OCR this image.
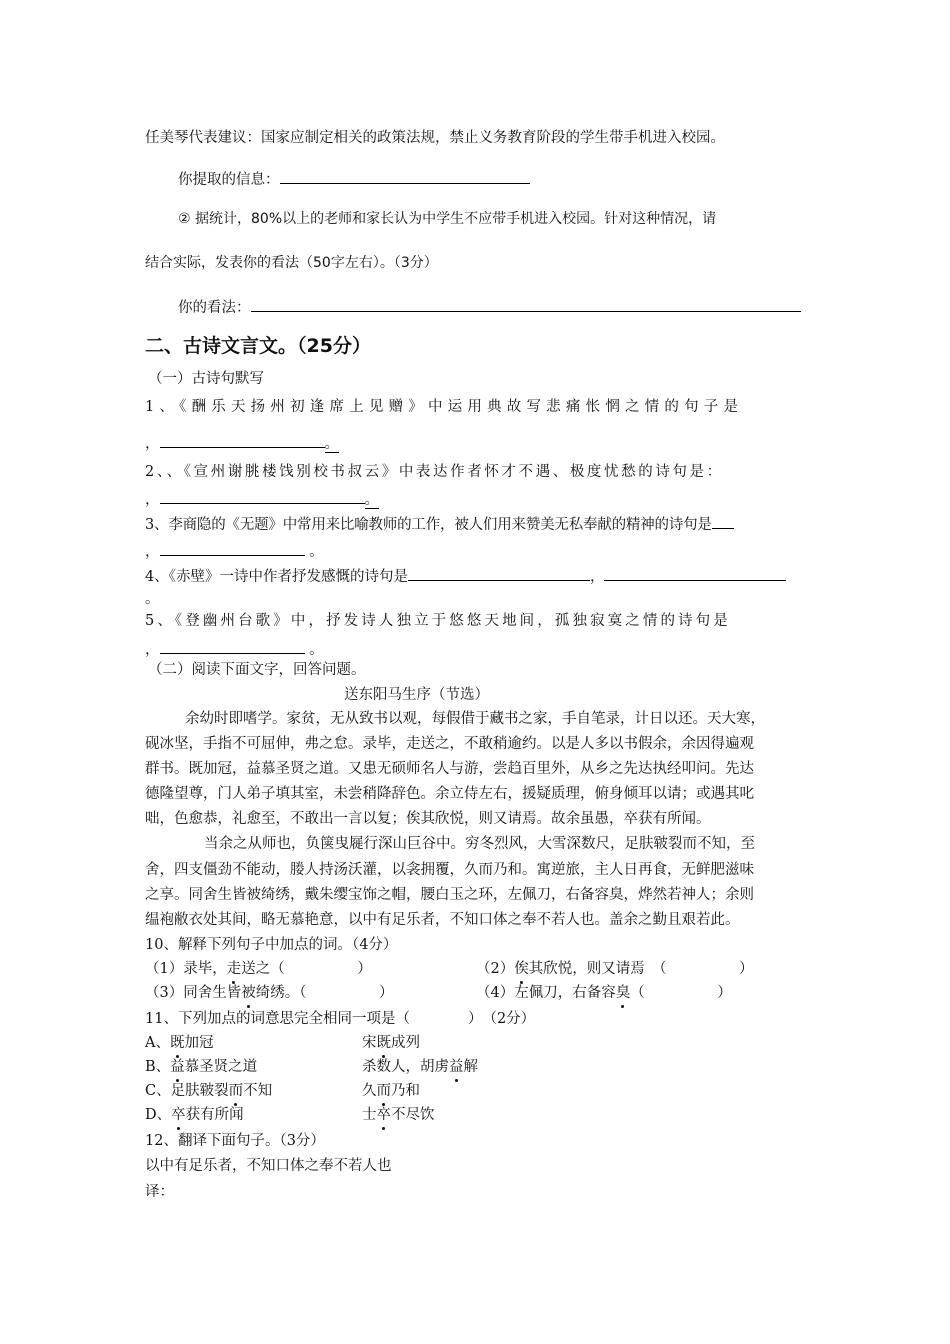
任美琴代表建议：国家应制定相关的政策法规，禁止义务教育阶段的学生带手机进入校园。
你提取的信息：
② 据统计，80%以上的老师和家长认为中学生不应带手机进入校园。针对这种情况，请
结合实际，发表你的看法（50字左右）。（3分）
你的看法：
二、古诗文言文。（25分）
（一）古诗句默写
1、《酬乐天扬州初逢席上见赠》中运用典故写悲痛怅惘之情的句子是
，	。
2、、《宣州谢朓楼饯别校书叔云》中表达作者怀才不遇、极度忧愁的诗句是：
，	。
3、李商隐的《无题》中常用来比喻教师的工作，被人们用来赞美无私奉献的精神的诗句是
，	。
4、《赤壁》一诗中作者抒发感慨的诗句是	，
。
5、《登幽州台歌》中，抒发诗人独立于悠悠天地间，孤独寂寞之情的诗句是
，	。
（二）阅读下面文字，回答问题。
送东阳马生序（节选）
余幼时即嗜学。家贫，无从致书以观，每假借于藏书之家，手自笔录，计日以还。天大寒，
砚冰坚，手指不可屈伸，弗之怠。录毕，走送之，不敢稍逾约。以是人多以书假余，余因得遍观
群书。既加冠，益慕圣贤之道。又患无硕师名人与游，尝趋百里外，从乡之先达执经叩问。先达
德隆望尊，门人弟子填其室，未尝稍降辞色。余立侍左右，援疑质理，俯身倾耳以请；或遇其叱
咄，色愈恭，礼愈至，不敢出一言以复；俟其欣悦，则又请焉。故余虽愚，卒获有所闻。
当余之从师也，负箧曳屣行深山巨谷中。穷冬烈风，大雪深数尺，足肤皲裂而不知，至
舍，四支僵劲不能动，媵人持汤沃灌，以衾拥覆，久而乃和。寓逆旅，主人日再食，无鲜肥滋味
之享。同舍生皆被绮绣，戴朱缨宝饰之帽，腰白玉之环，左佩刀，右备容臭，烨然若神人；余则
缊袍敝衣处其间，略无慕艳意，以中有足乐者，不知口体之奉不若人也。盖余之勤且艰若此。
10、解释下列句子中加点的词。（4分）
（1）录毕，走送之（　　　　　）	（2）俟其欣悦，则又请焉　（　　　　　）
（3）同舍生皆被绮绣。（　　　　　）	（4）左佩刀，右备容臭（　　　　　）
11、下列加点的词意思完全相同一项是（　　　　）　（2分）
A、既加冠	宋既成列
B、益慕圣贤之道	杀数人，胡虏益解
C、足肤皲裂而不知	久而乃和
D、卒获有所闻	士卒不尽饮
12、翻译下面句子。（3分）
以中有足乐者，不知口体之奉不若人也
译：
